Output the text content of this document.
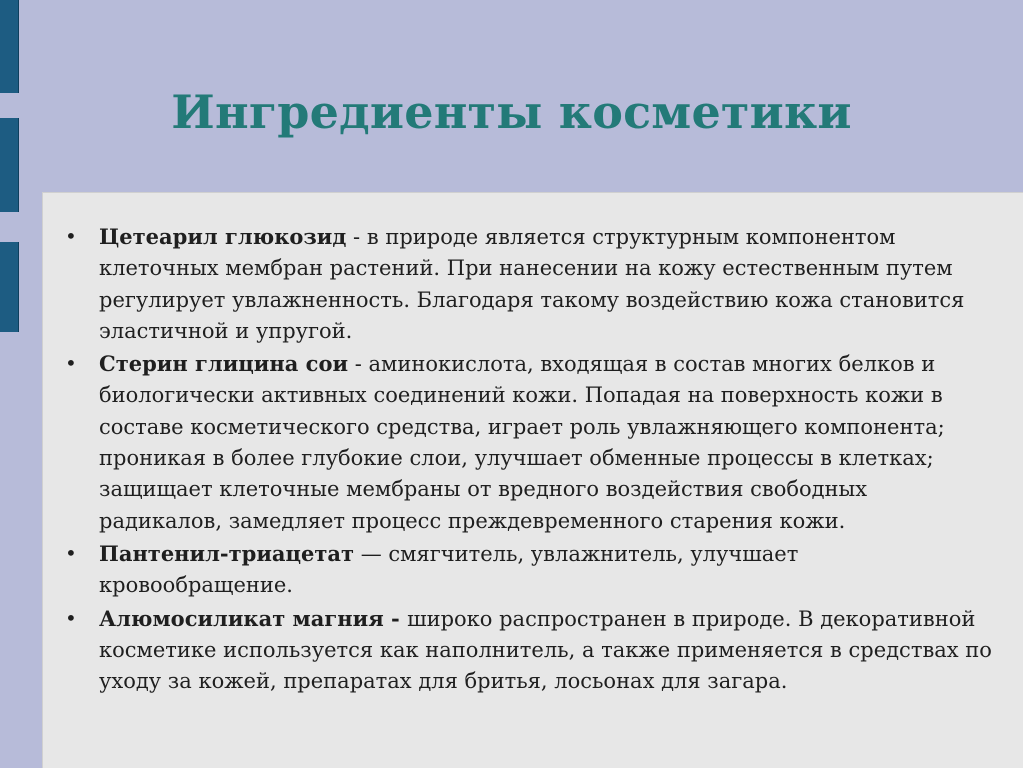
Ингредиенты косметики
• Цетеарил глюкозид - в природе является структурным компонентом клеточных мембран растений. При нанесении на кожу естественным путем регулирует увлажненность. Благодаря такому воздействию кожа становится эластичной и упругой.
• Стерин глицина сои - аминокислота, входящая в состав многих белков и биологически активных соединений кожи. Попадая на поверхность кожи в составе косметического средства, играет роль увлажняющего компонента; проникая в более глубокие слои, улучшает обменные процессы в клетках; защищает клеточные мембраны от вредного воздействия свободных радикалов, замедляет процесс преждевременного старения кожи.
• Пантенил-триацетат — смягчитель, увлажнитель, улучшает кровообращение.
• Алюмосиликат магния - широко распространен в природе. В декоративной косметике используется как наполнитель, а также применяется в средствах по уходу за кожей, препаратах для бритья, лосьонах для загара.
